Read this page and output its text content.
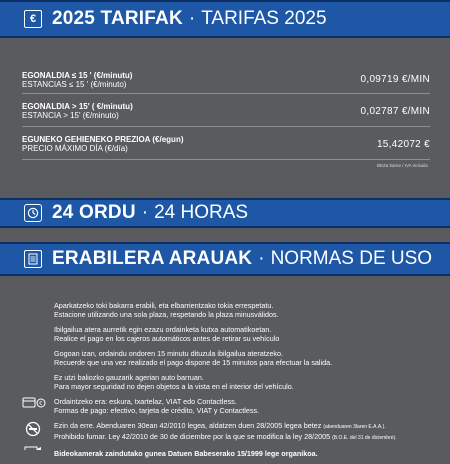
€ 2025 TARIFAK · TARIFAS 2025
EGONALDIA ≤ 15 ' (€/minutu)
ESTANCIAS ≤ 15 ' (€/minuto)	0,09719 €/MIN
EGONALDIA > 15' ( €/minutu)
ESTANCIA > 15' (€/minuto)	0,02787 €/MIN
EGUNEKO GEHIENEKO PREZIOA (€/egun)
PRECIO MÁXIMO DÍA (€/día)	15,42072 €
BEZa barne / IVA incluido
24 ORDU · 24 HORAS
ERABILERA ARAUAK · NORMAS DE USO
€
Aparkatzeko toki bakarra erabili, eta elbarrientzako tokia errespetatu.
Estacione utilizando una sola plaza, respetando la plaza minusválidos.
Ibilgailua atera aurretik egin ezazu ordainketa kutxa automatikoetan.
Realice el pago en los cajeros automáticos antes de retirar su vehículo
Gogoan izan, ordaindu ondoren 15 minutu dituzula ibilgailua ateratzeko.
Recuerde que una vez realizado el pago dispone de 15 minutos para efectuar la salida.
Ez utzi baliozko gauzarik agerian auto barruan.
Para mayor seguridad no dejen objetos a la vista en el interior del vehículo.
Ordaintzeko era: eskura, txartelaz, VIAT edo Contactless.
Formas de pago: efectivo, tarjeta de crédito, VIAT y Contactless.
Ezin da erre. Abenduaren 30ean 42/2010 legea, aldatzen duen 28/2005 legea betez (abenduaren 3laren E.A.A.).
Prohibido fumar. Ley 42/2010 de 30 de diciembre por la que se modifica la ley 28/2005 (B.O.E. del 31 de diciembre).
Bideokamerak zaindutako gunea Datuen Babeserako 15/1999 lege organikoa.
